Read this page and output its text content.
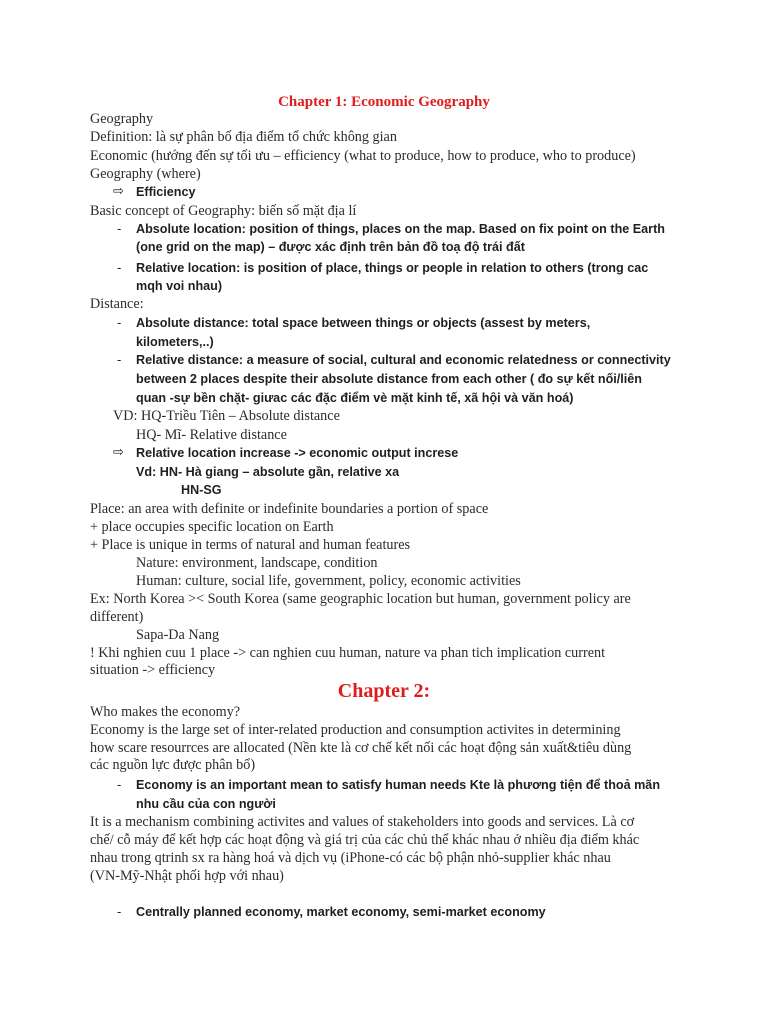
Chapter 1: Economic Geography
Geography
Definition: là sự phân bố địa điểm tổ chức không gian
Economic (hướng đến sự tối ưu – efficiency (what to produce, how to produce, who to produce)
Geography (where)
⇨ Efficiency
Basic concept of Geography: biến số mặt địa lí
- Absolute location: position of things, places on the map. Based on fix point on the Earth
(one grid on the map) – được xác định trên bản đồ toạ độ trái đất
- Relative location: is position of place, things or people in relation to others (trong cac
mqh voi nhau)
Distance:
- Absolute distance: total space between things or objects (assest by meters,
kilometers,..)
- Relative distance: a measure of social, cultural and economic relatedness or connectivity
between 2 places despite their absolute distance from each other ( đo sự kết nối/liên
quan -sự bền chặt- giưac các đặc điểm vè mặt kinh tế, xã hội và văn hoá)
VD: HQ-Triều Tiên – Absolute distance
HQ- Mĩ- Relative distance
⇨ Relative location increase -> economic output increse
Vd: HN- Hà giang – absolute gần, relative xa
HN-SG
Place: an area with definite or indefinite boundaries a portion of space
+ place occupies specific location on Earth
+ Place is unique in terms of natural and human features
Nature: environment, landscape, condition
Human: culture, social life, government, policy, economic activities
Ex: North Korea >< South Korea (same geographic location but human, government policy are
different)
Sapa-Da Nang
! Khi nghien cuu 1 place -> can nghien cuu human, nature va phan tich implication current
situation -> efficiency
Chapter 2:
Who makes the economy?
Economy is the large set of inter-related production and consumption activites in determining
how scare resourrces are allocated (Nền kte là cơ chế kết nối các hoạt động sản xuất&tiêu dùng
các nguồn lực được phân bổ)
- Economy is an important mean to satisfy human needs Kte là phương tiện để thoả mãn
nhu cầu của con người
It is a mechanism combining activites and values of stakeholders into goods and services. Là cơ
chế/ cỗ máy để kết hợp các hoạt động và giá trị của các chủ thể khác nhau ở nhiều địa điểm khác
nhau trong qtrinh sx ra hàng hoá và dịch vụ (iPhone-có các bộ phận nhỏ-supplier khác nhau
(VN-Mỹ-Nhật phối hợp với nhau)
- Centrally planned economy, market economy, semi-market economy
